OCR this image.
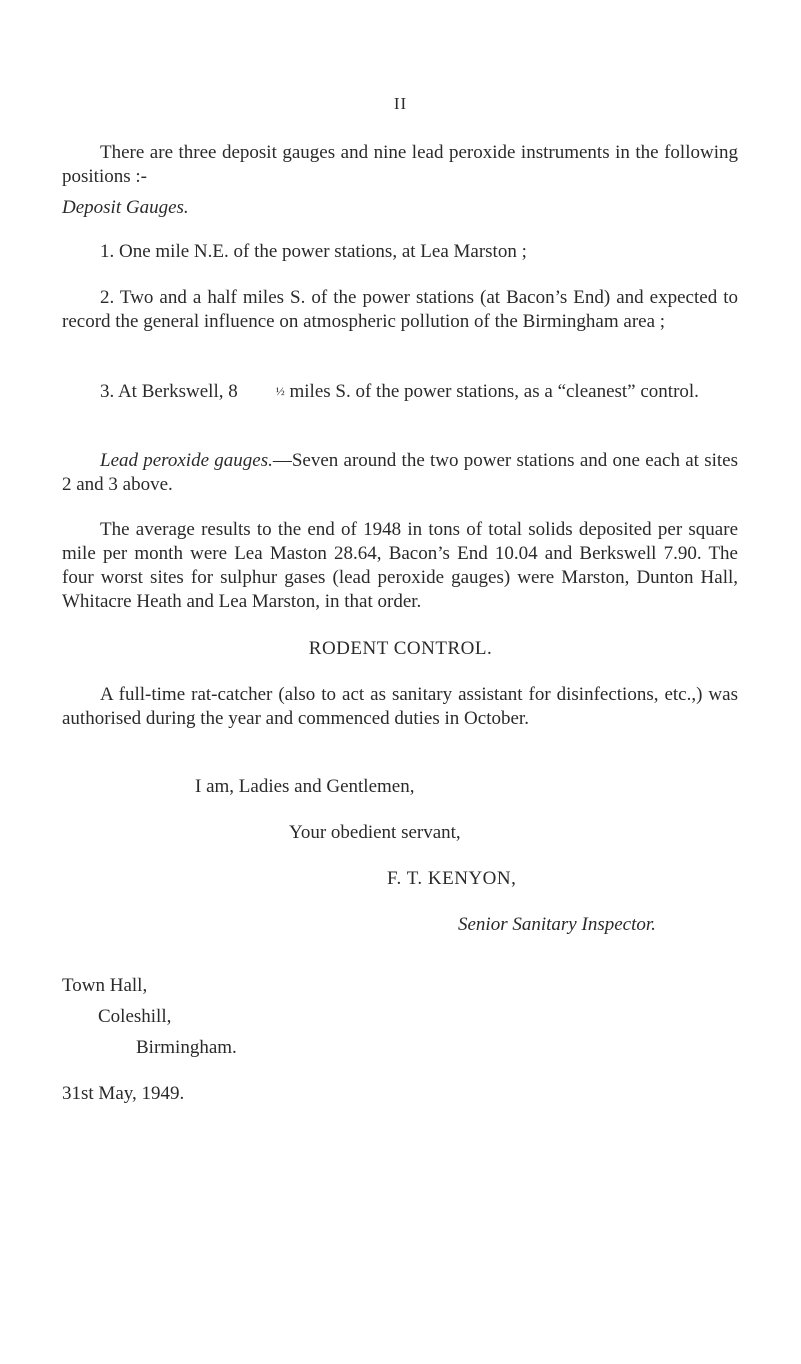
II
There are three deposit gauges and nine lead peroxide instruments in the following positions :-
Deposit Gauges.
1. One mile N.E. of the power stations, at Lea Marston ;
2. Two and a half miles S. of the power stations (at Bacon’s End) and expected to record the general influence on atmospheric pollution of the Birmingham area ;
3. At Berkswell, 8	½ miles S. of the power stations, as a “cleanest” control.
Lead peroxide gauges.—Seven around the two power stations and one each at sites 2 and 3 above.
The average results to the end of 1948 in tons of total solids deposited per square mile per month were Lea Maston 28.64, Bacon’s End 10.04 and Berkswell 7.90. The four worst sites for sulphur gases (lead peroxide gauges) were Marston, Dunton Hall, Whitacre Heath and Lea Marston, in that order.
RODENT CONTROL.
A full-time rat-catcher (also to act as sanitary assistant for disinfections, etc.,) was authorised during the year and commenced duties in October.
I am, Ladies and Gentlemen,
Your obedient servant,
F. T. KENYON,
Senior Sanitary Inspector.
Town Hall,
Coleshill,
Birmingham.
31st May, 1949.
